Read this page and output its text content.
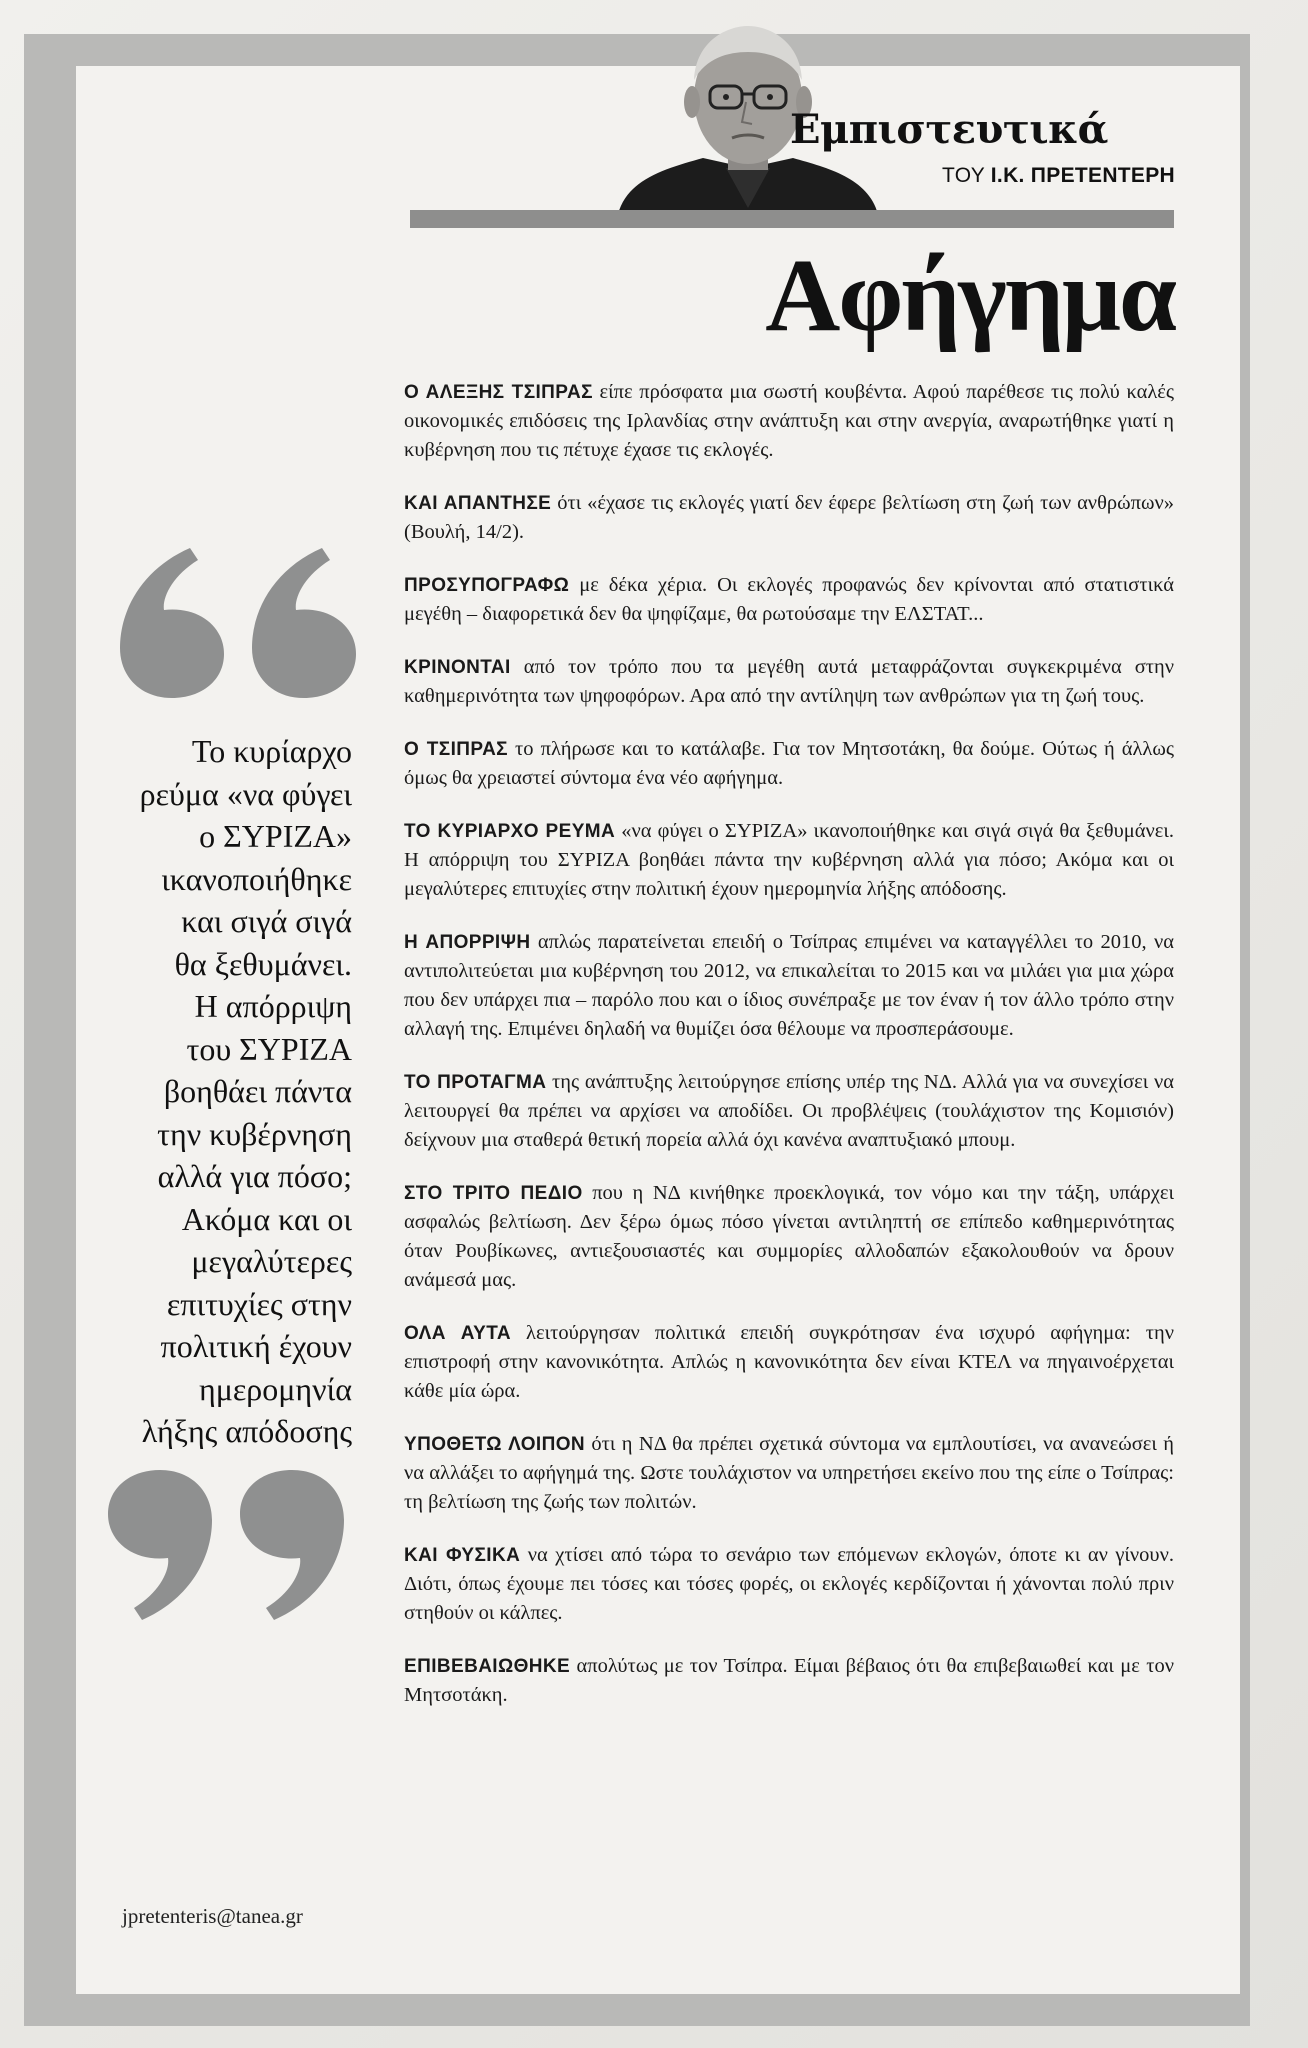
Εμπιστευτικά
ΤΟΥ Ι.Κ. ΠΡΕΤΕΝΤΕΡΗ
Αφήγημα
Το κυρίαρχο
ρεύμα «να φύγει
ο ΣΥΡΙΖΑ»
ικανοποιήθηκε
και σιγά σιγά
θα ξεθυμάνει.
Η απόρριψη
του ΣΥΡΙΖΑ
βοηθάει πάντα
την κυβέρνηση
αλλά για πόσο;
Ακόμα και οι
μεγαλύτερες
επιτυχίες στην
πολιτική έχουν
ημερομηνία
λήξης απόδοσης
jpretenteris@tanea.gr

Ο ΑΛΕΞΗΣ ΤΣΙΠΡΑΣ είπε πρόσφατα μια σωστή κουβέντα. Αφού παρέθεσε τις πολύ καλές οικονομικές επιδόσεις της Ιρλανδίας στην ανάπτυξη και στην ανεργία, αναρωτήθηκε γιατί η κυβέρνηση που τις πέτυχε έχασε τις εκλογές.

ΚΑΙ ΑΠΑΝΤΗΣΕ ότι «έχασε τις εκλογές γιατί δεν έφερε βελτίωση στη ζωή των ανθρώπων» (Βουλή, 14/2).

ΠΡΟΣΥΠΟΓΡΑΦΩ με δέκα χέρια. Οι εκλογές προφανώς δεν κρίνονται από στατιστικά μεγέθη – διαφορετικά δεν θα ψηφίζαμε, θα ρωτούσαμε την ΕΛΣΤΑΤ...

ΚΡΙΝΟΝΤΑΙ από τον τρόπο που τα μεγέθη αυτά μεταφράζονται συγκεκριμένα στην καθημερινότητα των ψηφοφόρων. Αρα από την αντίληψη των ανθρώπων για τη ζωή τους.

Ο ΤΣΙΠΡΑΣ το πλήρωσε και το κατάλαβε. Για τον Μητσοτάκη, θα δούμε. Ούτως ή άλλως όμως θα χρειαστεί σύντομα ένα νέο αφήγημα.

ΤΟ ΚΥΡΙΑΡΧΟ ΡΕΥΜΑ «να φύγει ο ΣΥΡΙΖΑ» ικανοποιήθηκε και σιγά σιγά θα ξεθυμάνει. Η απόρριψη του ΣΥΡΙΖΑ βοηθάει πάντα την κυβέρνηση αλλά για πόσο; Ακόμα και οι μεγαλύτερες επιτυχίες στην πολιτική έχουν ημερομηνία λήξης απόδοσης.

Η ΑΠΟΡΡΙΨΗ απλώς παρατείνεται επειδή ο Τσίπρας επιμένει να καταγγέλλει το 2010, να αντιπολιτεύεται μια κυβέρνηση του 2012, να επικαλείται το 2015 και να μιλάει για μια χώρα που δεν υπάρχει πια – παρόλο που και ο ίδιος συνέπραξε με τον έναν ή τον άλλο τρόπο στην αλλαγή της. Επιμένει δηλαδή να θυμίζει όσα θέλουμε να προσπεράσουμε.

ΤΟ ΠΡΟΤΑΓΜΑ της ανάπτυξης λειτούργησε επίσης υπέρ της ΝΔ. Αλλά για να συνεχίσει να λειτουργεί θα πρέπει να αρχίσει να αποδίδει. Οι προβλέψεις (τουλάχιστον της Κομισιόν) δείχνουν μια σταθερά θετική πορεία αλλά όχι κανένα αναπτυξιακό μπουμ.

ΣΤΟ ΤΡΙΤΟ ΠΕΔΙΟ που η ΝΔ κινήθηκε προεκλογικά, τον νόμο και την τάξη, υπάρχει ασφαλώς βελτίωση. Δεν ξέρω όμως πόσο γίνεται αντιληπτή σε επίπεδο καθημερινότητας όταν Ρουβίκωνες, αντιεξουσιαστές και συμμορίες αλλοδαπών εξακολουθούν να δρουν ανάμεσά μας.

ΟΛΑ ΑΥΤΑ λειτούργησαν πολιτικά επειδή συγκρότησαν ένα ισχυρό αφήγημα: την επιστροφή στην κανονικότητα. Απλώς η κανονικότητα δεν είναι ΚΤΕΛ να πηγαινοέρχεται κάθε μία ώρα.

ΥΠΟΘΕΤΩ ΛΟΙΠΟΝ ότι η ΝΔ θα πρέπει σχετικά σύντομα να εμπλουτίσει, να ανανεώσει ή να αλλάξει το αφήγημά της. Ωστε τουλάχιστον να υπηρετήσει εκείνο που της είπε ο Τσίπρας: τη βελτίωση της ζωής των πολιτών.

ΚΑΙ ΦΥΣΙΚΑ να χτίσει από τώρα το σενάριο των επόμενων εκλογών, όποτε κι αν γίνουν. Διότι, όπως έχουμε πει τόσες και τόσες φορές, οι εκλογές κερδίζονται ή χάνονται πολύ πριν στηθούν οι κάλπες.

ΕΠΙΒΕΒΑΙΩΘΗΚΕ απολύτως με τον Τσίπρα. Είμαι βέβαιος ότι θα επιβεβαιωθεί και με τον Μητσοτάκη.
